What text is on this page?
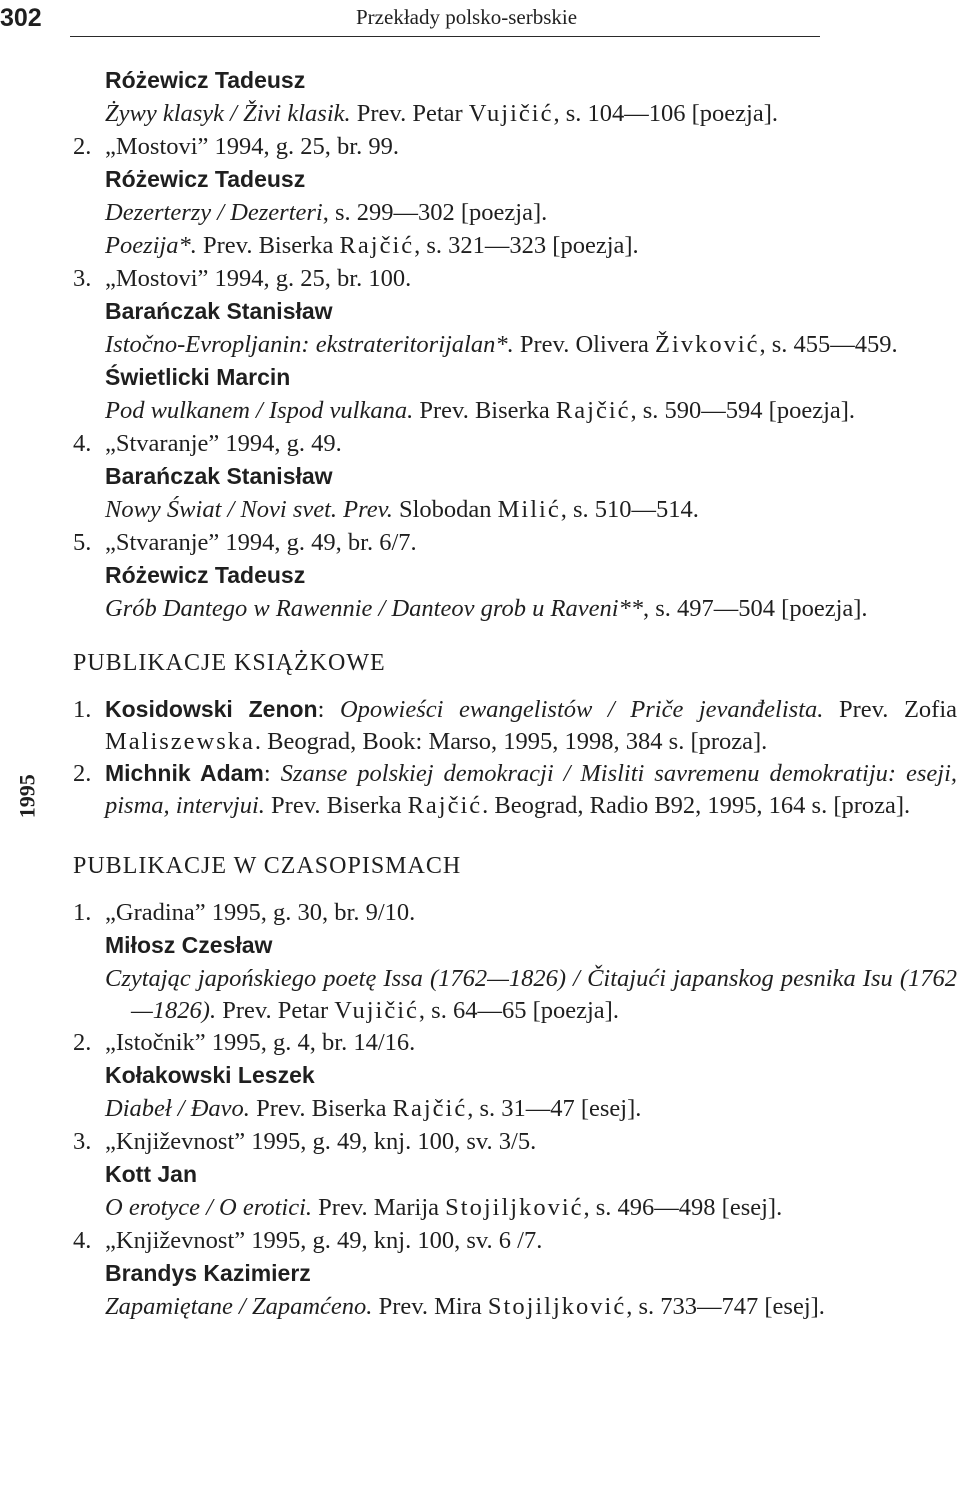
302	Przekłady polsko-serbskie
1995
Różewicz Tadeusz
Żywy klasyk / Živi klasik. Prev. Petar Vujičić, s. 104—106 [poezja].
2. „Mostovi” 1994, g. 25, br. 99.
Różewicz Tadeusz
Dezerterzy / Dezerteri, s. 299—302 [poezja].
Poezija*. Prev. Biserka Rajčić, s. 321—323 [poezja].
3. „Mostovi” 1994, g. 25, br. 100.
Barańczak Stanisław
Istočno-Evropljanin: ekstrateritorijalan*. Prev. Olivera Živković, s. 455—459.
Świetlicki Marcin
Pod wulkanem / Ispod vulkana. Prev. Biserka Rajčić, s. 590—594 [poezja].
4. „Stvaranje” 1994, g. 49.
Barańczak Stanisław
Nowy Świat / Novi svet. Prev. Slobodan Milić, s. 510—514.
5. „Stvaranje” 1994, g. 49, br. 6/7.
Różewicz Tadeusz
Grób Dantego w Rawennie / Danteov grob u Raveni**, s. 497—504 [poezja].
PUBLIKACJE KSIĄŻKOWE
1. Kosidowski Zenon: Opowieści ewangelistów / Priče jevanđelista. Prev. Zofia Maliszewska. Beograd, Book: Marso, 1995, 1998, 384 s. [proza].
2. Michnik Adam: Szanse polskiej demokracji / Misliti savremenu demokratiju: eseji, pisma, intervjui. Prev. Biserka Rajčić. Beograd, Radio B92, 1995, 164 s. [proza].
PUBLIKACJE W CZASOPISMACH
1. „Gradina” 1995, g. 30, br. 9/10.
Miłosz Czesław
Czytając japońskiego poetę Issa (1762—1826) / Čitajući japanskog pesnika Isu (1762—1826). Prev. Petar Vujičić, s. 64—65 [poezja].
2. „Istočnik” 1995, g. 4, br. 14/16.
Kołakowski Leszek
Diabeł / Đavo. Prev. Biserka Rajčić, s. 31—47 [esej].
3. „Književnost” 1995, g. 49, knj. 100, sv. 3/5.
Kott Jan
O erotyce / O erotici. Prev. Marija Stojiljković, s. 496—498 [esej].
4. „Književnost” 1995, g. 49, knj. 100, sv. 6 /7.
Brandys Kazimierz
Zapamiętane / Zapamćeno. Prev. Mira Stojiljković, s. 733—747 [esej].
